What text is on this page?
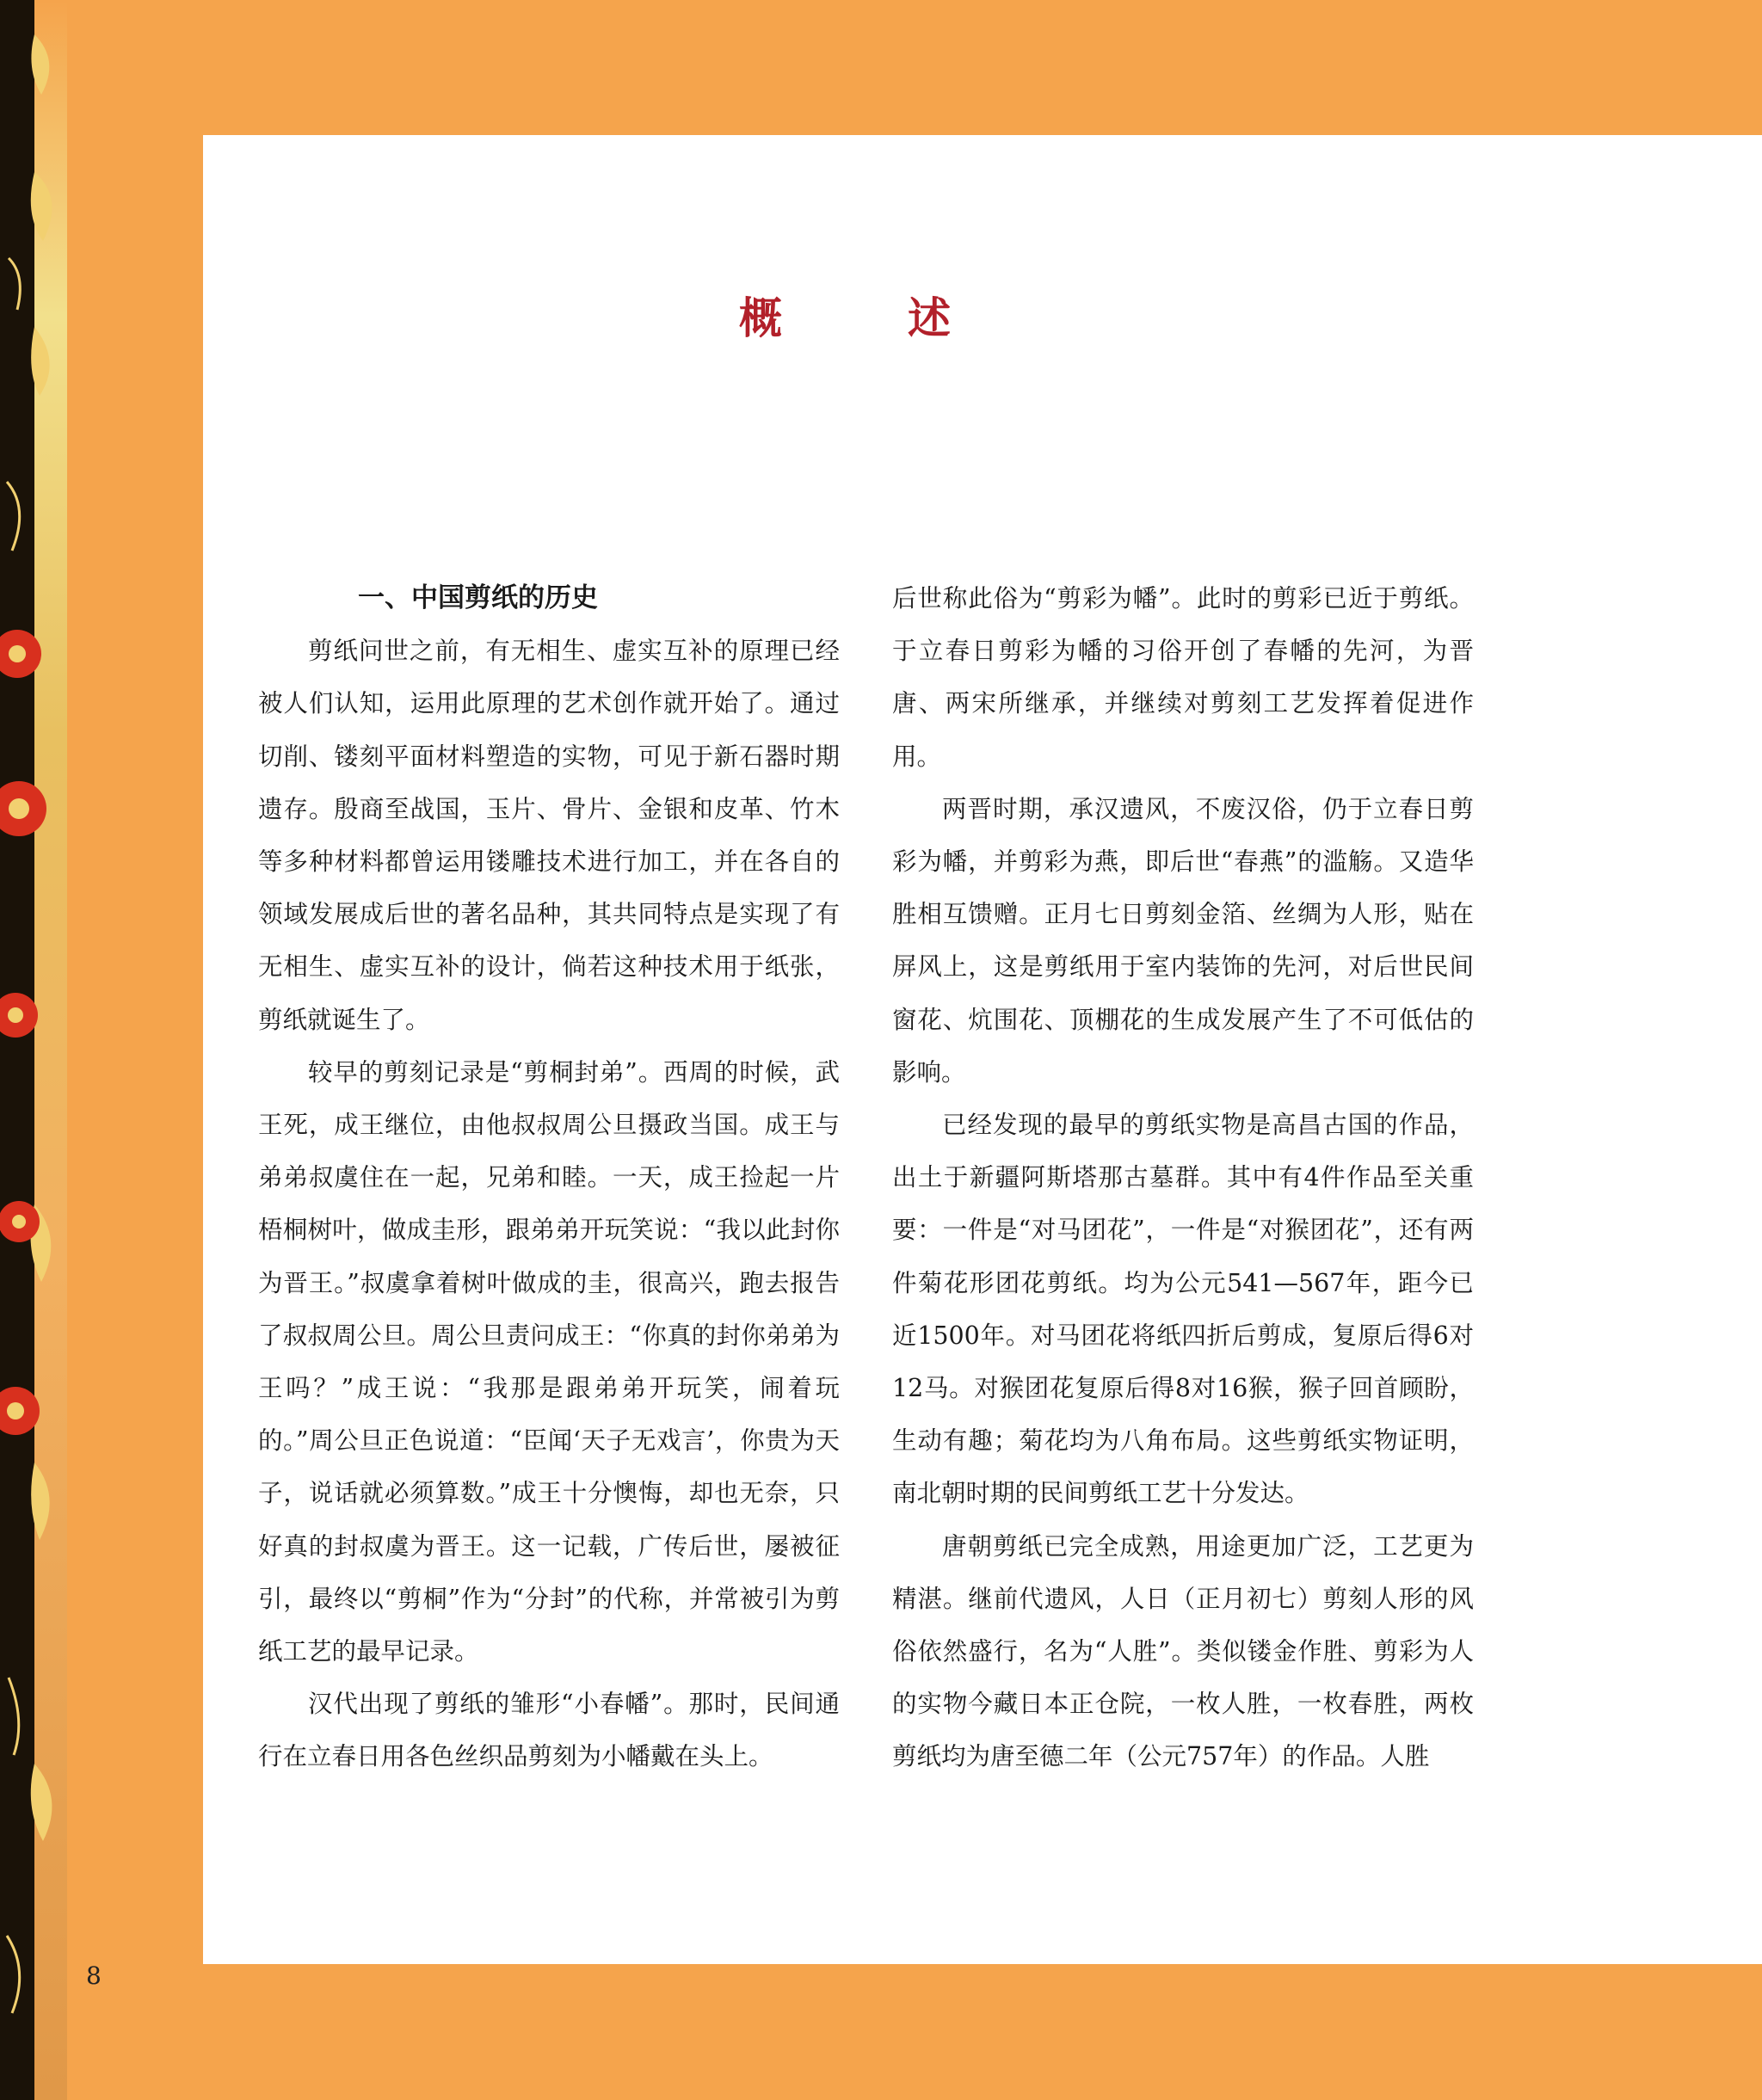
概　述

一、中国剪纸的历史

剪纸问世之前，有无相生、虚实互补的原理已经被人们认知，运用此原理的艺术创作就开始了。通过切削、镂刻平面材料塑造的实物，可见于新石器时期遗存。殷商至战国，玉片、骨片、金银和皮革、竹木等多种材料都曾运用镂雕技术进行加工，并在各自的领域发展成后世的著名品种，其共同特点是实现了有无相生、虚实互补的设计，倘若这种技术用于纸张，剪纸就诞生了。

较早的剪刻记录是“剪桐封弟”。西周的时候，武王死，成王继位，由他叔叔周公旦摄政当国。成王与弟弟叔虞住在一起，兄弟和睦。一天，成王捡起一片梧桐树叶，做成圭形，跟弟弟开玩笑说：“我以此封你为晋王。”叔虞拿着树叶做成的圭，很高兴，跑去报告了叔叔周公旦。周公旦责问成王：“你真的封你弟弟为王吗？”成王说：“我那是跟弟弟开玩笑，闹着玩的。”周公旦正色说道：“臣闻‘天子无戏言’，你贵为天子，说话就必须算数。”成王十分懊悔，却也无奈，只好真的封叔虞为晋王。这一记载，广传后世，屡被征引，最终以“剪桐”作为“分封”的代称，并常被引为剪纸工艺的最早记录。

汉代出现了剪纸的雏形“小春幡”。那时，民间通行在立春日用各色丝织品剪刻为小幡戴在头上。

后世称此俗为“剪彩为幡”。此时的剪彩已近于剪纸。于立春日剪彩为幡的习俗开创了春幡的先河，为晋唐、两宋所继承，并继续对剪刻工艺发挥着促进作用。

两晋时期，承汉遗风，不废汉俗，仍于立春日剪彩为幡，并剪彩为燕，即后世“春燕”的滥觞。又造华胜相互馈赠。正月七日剪刻金箔、丝绸为人形，贴在屏风上，这是剪纸用于室内装饰的先河，对后世民间窗花、炕围花、顶棚花的生成发展产生了不可低估的影响。

已经发现的最早的剪纸实物是高昌古国的作品，出土于新疆阿斯塔那古墓群。其中有4件作品至关重要：一件是“对马团花”，一件是“对猴团花”，还有两件菊花形团花剪纸。均为公元541—567年，距今已近1500年。对马团花将纸四折后剪成，复原后得6对12马。对猴团花复原后得8对16猴，猴子回首顾盼，生动有趣；菊花均为八角布局。这些剪纸实物证明，南北朝时期的民间剪纸工艺十分发达。

唐朝剪纸已完全成熟，用途更加广泛，工艺更为精湛。继前代遗风，人日（正月初七）剪刻人形的风俗依然盛行，名为“人胜”。类似镂金作胜、剪彩为人的实物今藏日本正仓院，一枚人胜，一枚春胜，两枚剪纸均为唐至德二年（公元757年）的作品。人胜

8
